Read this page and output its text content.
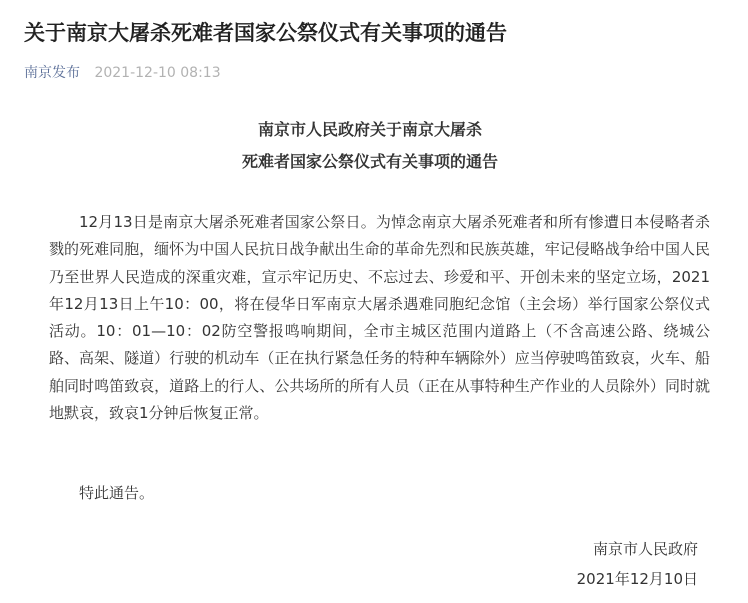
关于南京大屠杀死难者国家公祭仪式有关事项的通告
南京发布 2021-12-10 08:13
南京市人民政府关于南京大屠杀
死难者国家公祭仪式有关事项的通告

12月13日是南京大屠杀死难者国家公祭日。为悼念南京大屠杀死难者和所有惨遭日本侵略者杀戮的死难同胞，缅怀为中国人民抗日战争献出生命的革命先烈和民族英雄，牢记侵略战争给中国人民乃至世界人民造成的深重灾难，宣示牢记历史、不忘过去、珍爱和平、开创未来的坚定立场，2021年12月13日上午10：00，将在侵华日军南京大屠杀遇难同胞纪念馆（主会场）举行国家公祭仪式活动。10：01—10：02防空警报鸣响期间，全市主城区范围内道路上（不含高速公路、绕城公路、高架、隧道）行驶的机动车（正在执行紧急任务的特种车辆除外）应当停驶鸣笛致哀，火车、船舶同时鸣笛致哀，道路上的行人、公共场所的所有人员（正在从事特种生产作业的人员除外）同时就地默哀，致哀1分钟后恢复正常。

特此通告。

南京市人民政府
2021年12月10日
